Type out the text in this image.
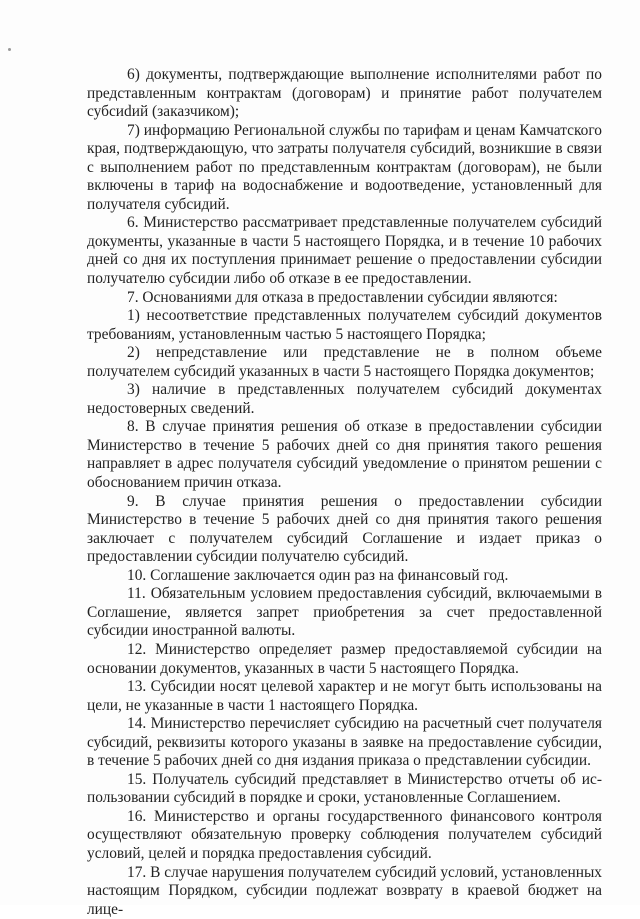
6) документы, подтверждающие выполнение исполнителями работ по представленным контрактам (договорам) и принятие работ получателем субсиdий (заказчиком);

7) информацию Региональной службы по тарифам и ценам Камчатского края, подтверждающую, что затраты получателя субсидий, возникшие в связи с выполнением работ по представленным контрактам (договорам), не были включены в тариф на водоснабжение и водоотведение, установленный для получателя субсидий.

6. Министерство рассматривает представленные получателем субсидий документы, указанные в части 5 настоящего Порядка, и в течение 10 рабочих дней со дня их поступления принимает решение о предоставлении субсидии получателю субсидии либо об отказе в ее предоставлении.

7. Основаниями для отказа в предоставлении субсидии являются:

1) несоответствие представленных получателем субсидий документов требованиям, установленным частью 5 настоящего Порядка;

2) непредставление или представление не в полном объеме получателем субсидий указанных в части 5 настоящего Порядка документов;

3) наличие в представленных получателем субсидий документах недостоверных сведений.

8. В случае принятия решения об отказе в предоставлении субсидии Министерство в течение 5 рабочих дней со дня принятия такого решения направляет в адрес получателя субсидий уведомление о принятом решении с обоснованием причин отказа.

9. В случае принятия решения о предоставлении субсидии Министерство в течение 5 рабочих дней со дня принятия такого решения заключает с получателем субсидий Соглашение и издает приказ о предоставлении субсидии получателю субсидий.

10. Соглашение заключается один раз на финансовый год.

11. Обязательным условием предоставления субсидий, включаемыми в Соглашение, является запрет приобретения за счет предоставленной субсидии иностранной валюты.

12. Министерство определяет размер предоставляемой субсидии на основании документов, указанных в части 5 настоящего Порядка.

13. Субсидии носят целевой характер и не могут быть использованы на цели, не указанные в части 1 настоящего Порядка.

14. Министерство перечисляет субсидию на расчетный счет получателя субсидий, реквизиты которого указаны в заявке на предоставление субсидии, в течение 5 рабочих дней со дня издания приказа о представлении субсидии.

15. Получатель субсидий представляет в Министерство отчеты об использовании субсидий в порядке и сроки, установленные Соглашением.

16. Министерство и органы государственного финансового контроля осуществляют обязательную проверку соблюдения получателем субсидий условий, целей и порядка предоставления субсидий.

17. В случае нарушения получателем субсидий условий, установленных настоящим Порядком, субсидии подлежат возврату в краевой бюджет на лице-
